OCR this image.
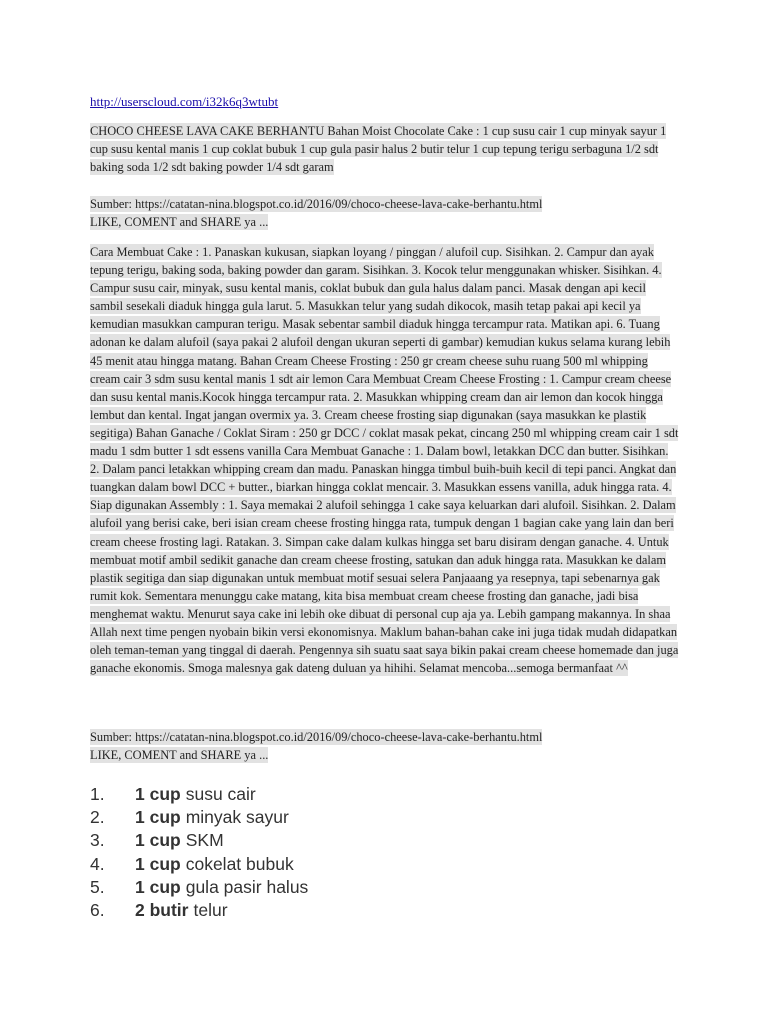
http://userscloud.com/i32k6q3wtubt
CHOCO CHEESE LAVA CAKE BERHANTU Bahan Moist Chocolate Cake : 1 cup susu cair 1 cup minyak sayur 1 cup susu kental manis 1 cup coklat bubuk 1 cup gula pasir halus 2 butir telur 1 cup tepung terigu serbaguna 1/2 sdt baking soda 1/2 sdt baking powder 1/4 sdt garam
Sumber: https://catatan-nina.blogspot.co.id/2016/09/choco-cheese-lava-cake-berhantu.html
LIKE, COMENT and SHARE ya ...
Cara Membuat Cake : 1. Panaskan kukusan, siapkan loyang / pinggan / alufoil cup. Sisihkan. 2. Campur dan ayak tepung terigu, baking soda, baking powder dan garam. Sisihkan. 3. Kocok telur menggunakan whisker. Sisihkan. 4. Campur susu cair, minyak, susu kental manis, coklat bubuk dan gula halus dalam panci. Masak dengan api kecil sambil sesekali diaduk hingga gula larut. 5. Masukkan telur yang sudah dikocok, masih tetap pakai api kecil ya kemudian masukkan campuran terigu. Masak sebentar sambil diaduk hingga tercampur rata. Matikan api. 6. Tuang adonan ke dalam alufoil (saya pakai 2 alufoil dengan ukuran seperti di gambar) kemudian kukus selama kurang lebih 45 menit atau hingga matang. Bahan Cream Cheese Frosting : 250 gr cream cheese suhu ruang 500 ml whipping cream cair 3 sdm susu kental manis 1 sdt air lemon Cara Membuat Cream Cheese Frosting : 1. Campur cream cheese dan susu kental manis.Kocok hingga tercampur rata. 2. Masukkan whipping cream dan air lemon dan kocok hingga lembut dan kental. Ingat jangan overmix ya. 3. Cream cheese frosting siap digunakan (saya masukkan ke plastik segitiga) Bahan Ganache / Coklat Siram : 250 gr DCC / coklat masak pekat, cincang 250 ml whipping cream cair 1 sdt madu 1 sdm butter 1 sdt essens vanilla Cara Membuat Ganache : 1. Dalam bowl, letakkan DCC dan butter. Sisihkan. 2. Dalam panci letakkan whipping cream dan madu. Panaskan hingga timbul buih-buih kecil di tepi panci. Angkat dan tuangkan dalam bowl DCC + butter., biarkan hingga coklat mencair. 3. Masukkan essens vanilla, aduk hingga rata. 4. Siap digunakan Assembly : 1. Saya memakai 2 alufoil sehingga 1 cake saya keluarkan dari alufoil. Sisihkan. 2. Dalam alufoil yang berisi cake, beri isian cream cheese frosting hingga rata, tumpuk dengan 1 bagian cake yang lain dan beri cream cheese frosting lagi. Ratakan. 3. Simpan cake dalam kulkas hingga set baru disiram dengan ganache. 4. Untuk membuat motif ambil sedikit ganache dan cream cheese frosting, satukan dan aduk hingga rata. Masukkan ke dalam plastik segitiga dan siap digunakan untuk membuat motif sesuai selera Panjaaang ya resepnya, tapi sebenarnya gak rumit kok. Sementara menunggu cake matang, kita bisa membuat cream cheese frosting dan ganache, jadi bisa menghemat waktu. Menurut saya cake ini lebih oke dibuat di personal cup aja ya. Lebih gampang makannya. In shaa Allah next time pengen nyobain bikin versi ekonomisnya. Maklum bahan-bahan cake ini juga tidak mudah didapatkan oleh teman-teman yang tinggal di daerah. Pengennya sih suatu saat saya bikin pakai cream cheese homemade dan juga ganache ekonomis. Smoga malesnya gak dateng duluan ya hihihi. Selamat mencoba...semoga bermanfaat ^^
Sumber: https://catatan-nina.blogspot.co.id/2016/09/choco-cheese-lava-cake-berhantu.html
LIKE, COMENT and SHARE ya ...
1.	1 cup susu cair
2.	1 cup minyak sayur
3.	1 cup SKM
4.	1 cup cokelat bubuk
5.	1 cup gula pasir halus
6.	2 butir telur
